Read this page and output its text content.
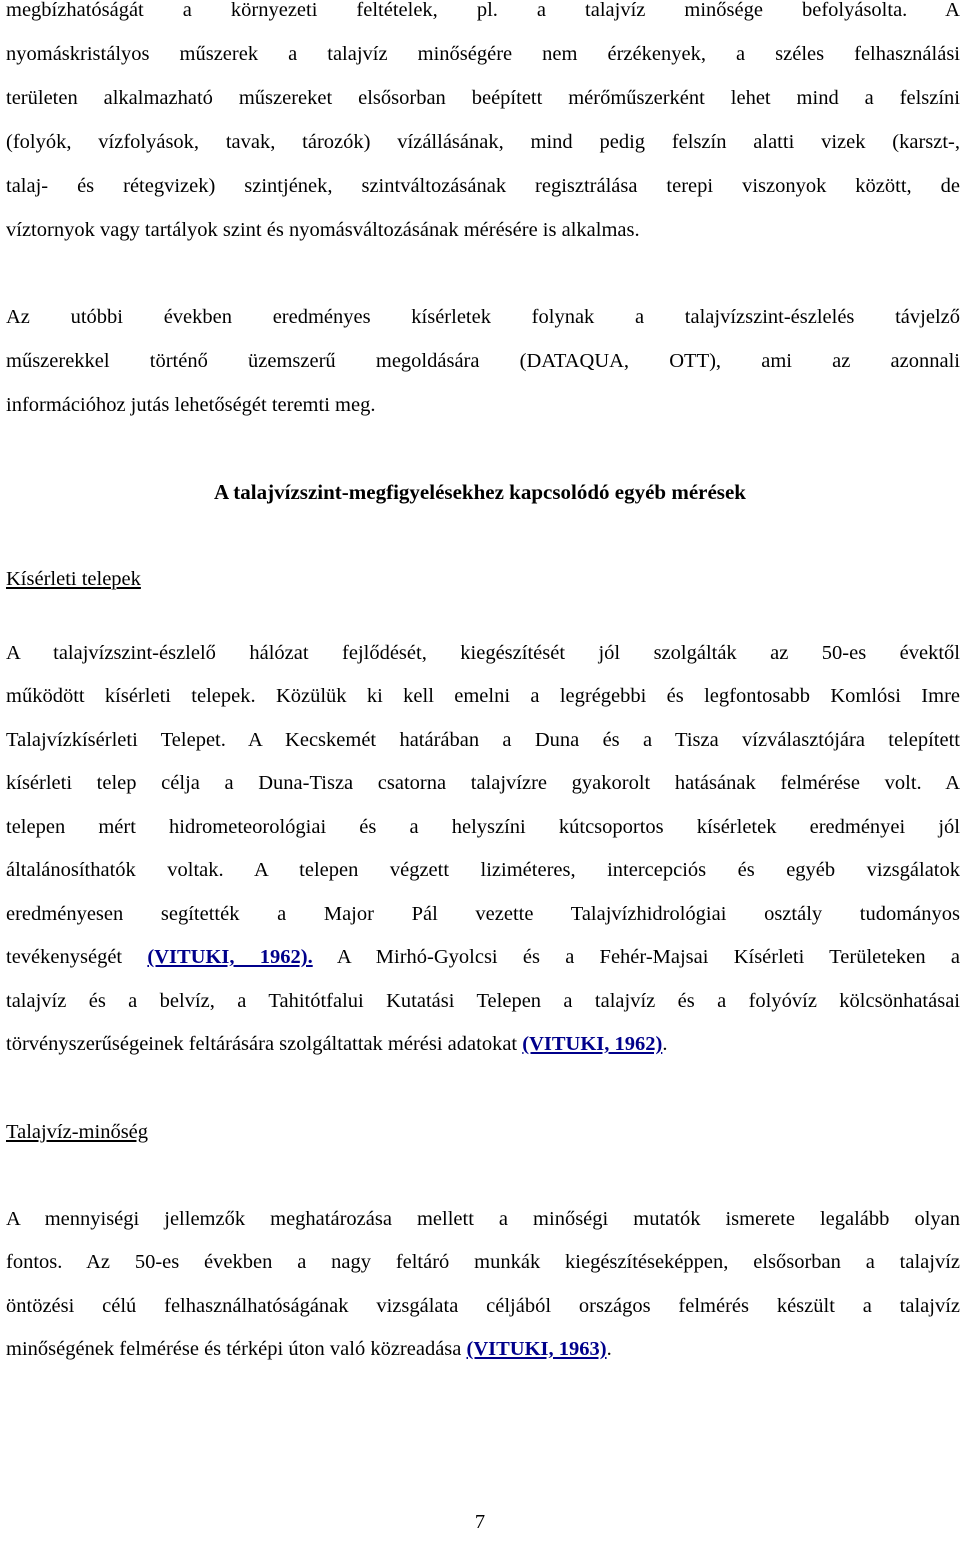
megbízhatóságát a környezeti feltételek, pl. a talajvíz minősége befolyásolta. A
nyomáskristályos műszerek a talajvíz minőségére nem érzékenyek, a széles felhasználási
területen alkalmazható műszereket elsősorban beépített mérőműszerként lehet mind a felszíni
(folyók, vízfolyások, tavak, tározók) vízállásának, mind pedig felszín alatti vizek (karszt-,
talaj- és rétegvizek) szintjének, szintváltozásának regisztrálása terepi viszonyok között, de
víztornyok vagy tartályok szint és nyomásváltozásának mérésére is alkalmas.
Az utóbbi években eredményes kísérletek folynak a talajvízszint-észlelés távjelző
műszerekkel történő üzemszerű megoldására (DATAQUA, OTT), ami az azonnali
információhoz jutás lehetőségét teremti meg.
A talajvízszint-megfigyelésekhez kapcsolódó egyéb mérések
Kísérleti telepek
A talajvízszint-észlelő hálózat fejlődését, kiegészítését jól szolgálták az 50-es évektől
működött kísérleti telepek. Közülük ki kell emelni a legrégebbi és legfontosabb Komlósi Imre
Talajvízkísérleti Telepet. A Kecskemét határában a Duna és a Tisza vízválasztójára telepített
kísérleti telep célja a Duna-Tisza csatorna talajvízre gyakorolt hatásának felmérése volt. A
telepen mért hidrometeorológiai és a helyszíni kútcsoportos kísérletek eredményei jól
általánosíthatók voltak. A telepen végzett liziméteres, intercepciós és egyéb vizsgálatok
eredményesen segítették a Major Pál vezette Talajvízhidrológiai osztály tudományos
tevékenységét (VITUKI, 1962). A Mirhó-Gyolcsi és a Fehér-Majsai Kísérleti Területeken a
talajvíz és a belvíz, a Tahitótfalui Kutatási Telepen a talajvíz és a folyóvíz kölcsönhatásai
törvényszerűségeinek feltárására szolgáltattak mérési adatokat (VITUKI, 1962).
Talajvíz-minőség
A mennyiségi jellemzők meghatározása mellett a minőségi mutatók ismerete legalább olyan
fontos. Az 50-es években a nagy feltáró munkák kiegészítéseképpen, elsősorban a talajvíz
öntözési célú felhasználhatóságának vizsgálata céljából országos felmérés készült a talajvíz
minőségének felmérése és térképi úton való közreadása (VITUKI, 1963).
7
